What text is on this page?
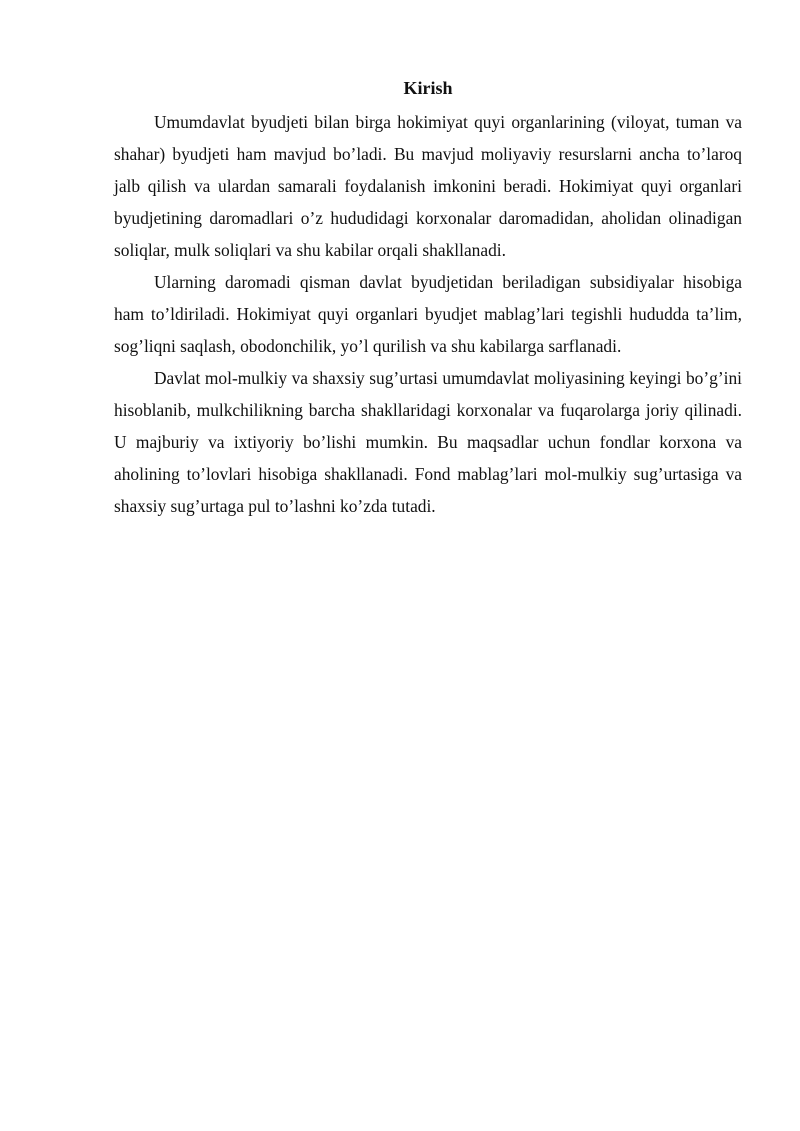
Kirish

Umumdavlat byudjeti bilan birga hokimiyat quyi organlarining (viloyat, tuman va shahar) byudjeti ham mavjud bo’ladi. Bu mavjud moliyaviy resurslarni ancha to’laroq jalb qilish va ulardan samarali foydalanish imkonini beradi. Hokimiyat quyi organlari byudjetining daromadlari o’z hududidagi korxonalar daromadidan, aholidan olinadigan soliqlar, mulk soliqlari va shu kabilar orqali shakllanadi.

Ularning daromadi qisman davlat byudjetidan beriladigan subsidiyalar hisobiga ham to’ldiriladi. Hokimiyat quyi organlari byudjet mablag’lari tegishli hududda ta’lim, sog’liqni saqlash, obodonchilik, yo’l qurilish va shu kabilarga sarflanadi.

Davlat mol-mulkiy va shaxsiy sug’urtasi umumdavlat moliyasining keyingi bo’g’ini hisoblanib, mulkchilikning barcha shakllaridagi korxonalar va fuqarolarga joriy qilinadi. U majburiy va ixtiyoriy bo’lishi mumkin. Bu maqsadlar uchun fondlar korxona va aholining to’lovlari hisobiga shakllanadi. Fond mablag’lari mol-mulkiy sug’urtasiga va shaxsiy sug’urtaga pul to’lashni ko’zda tutadi.
